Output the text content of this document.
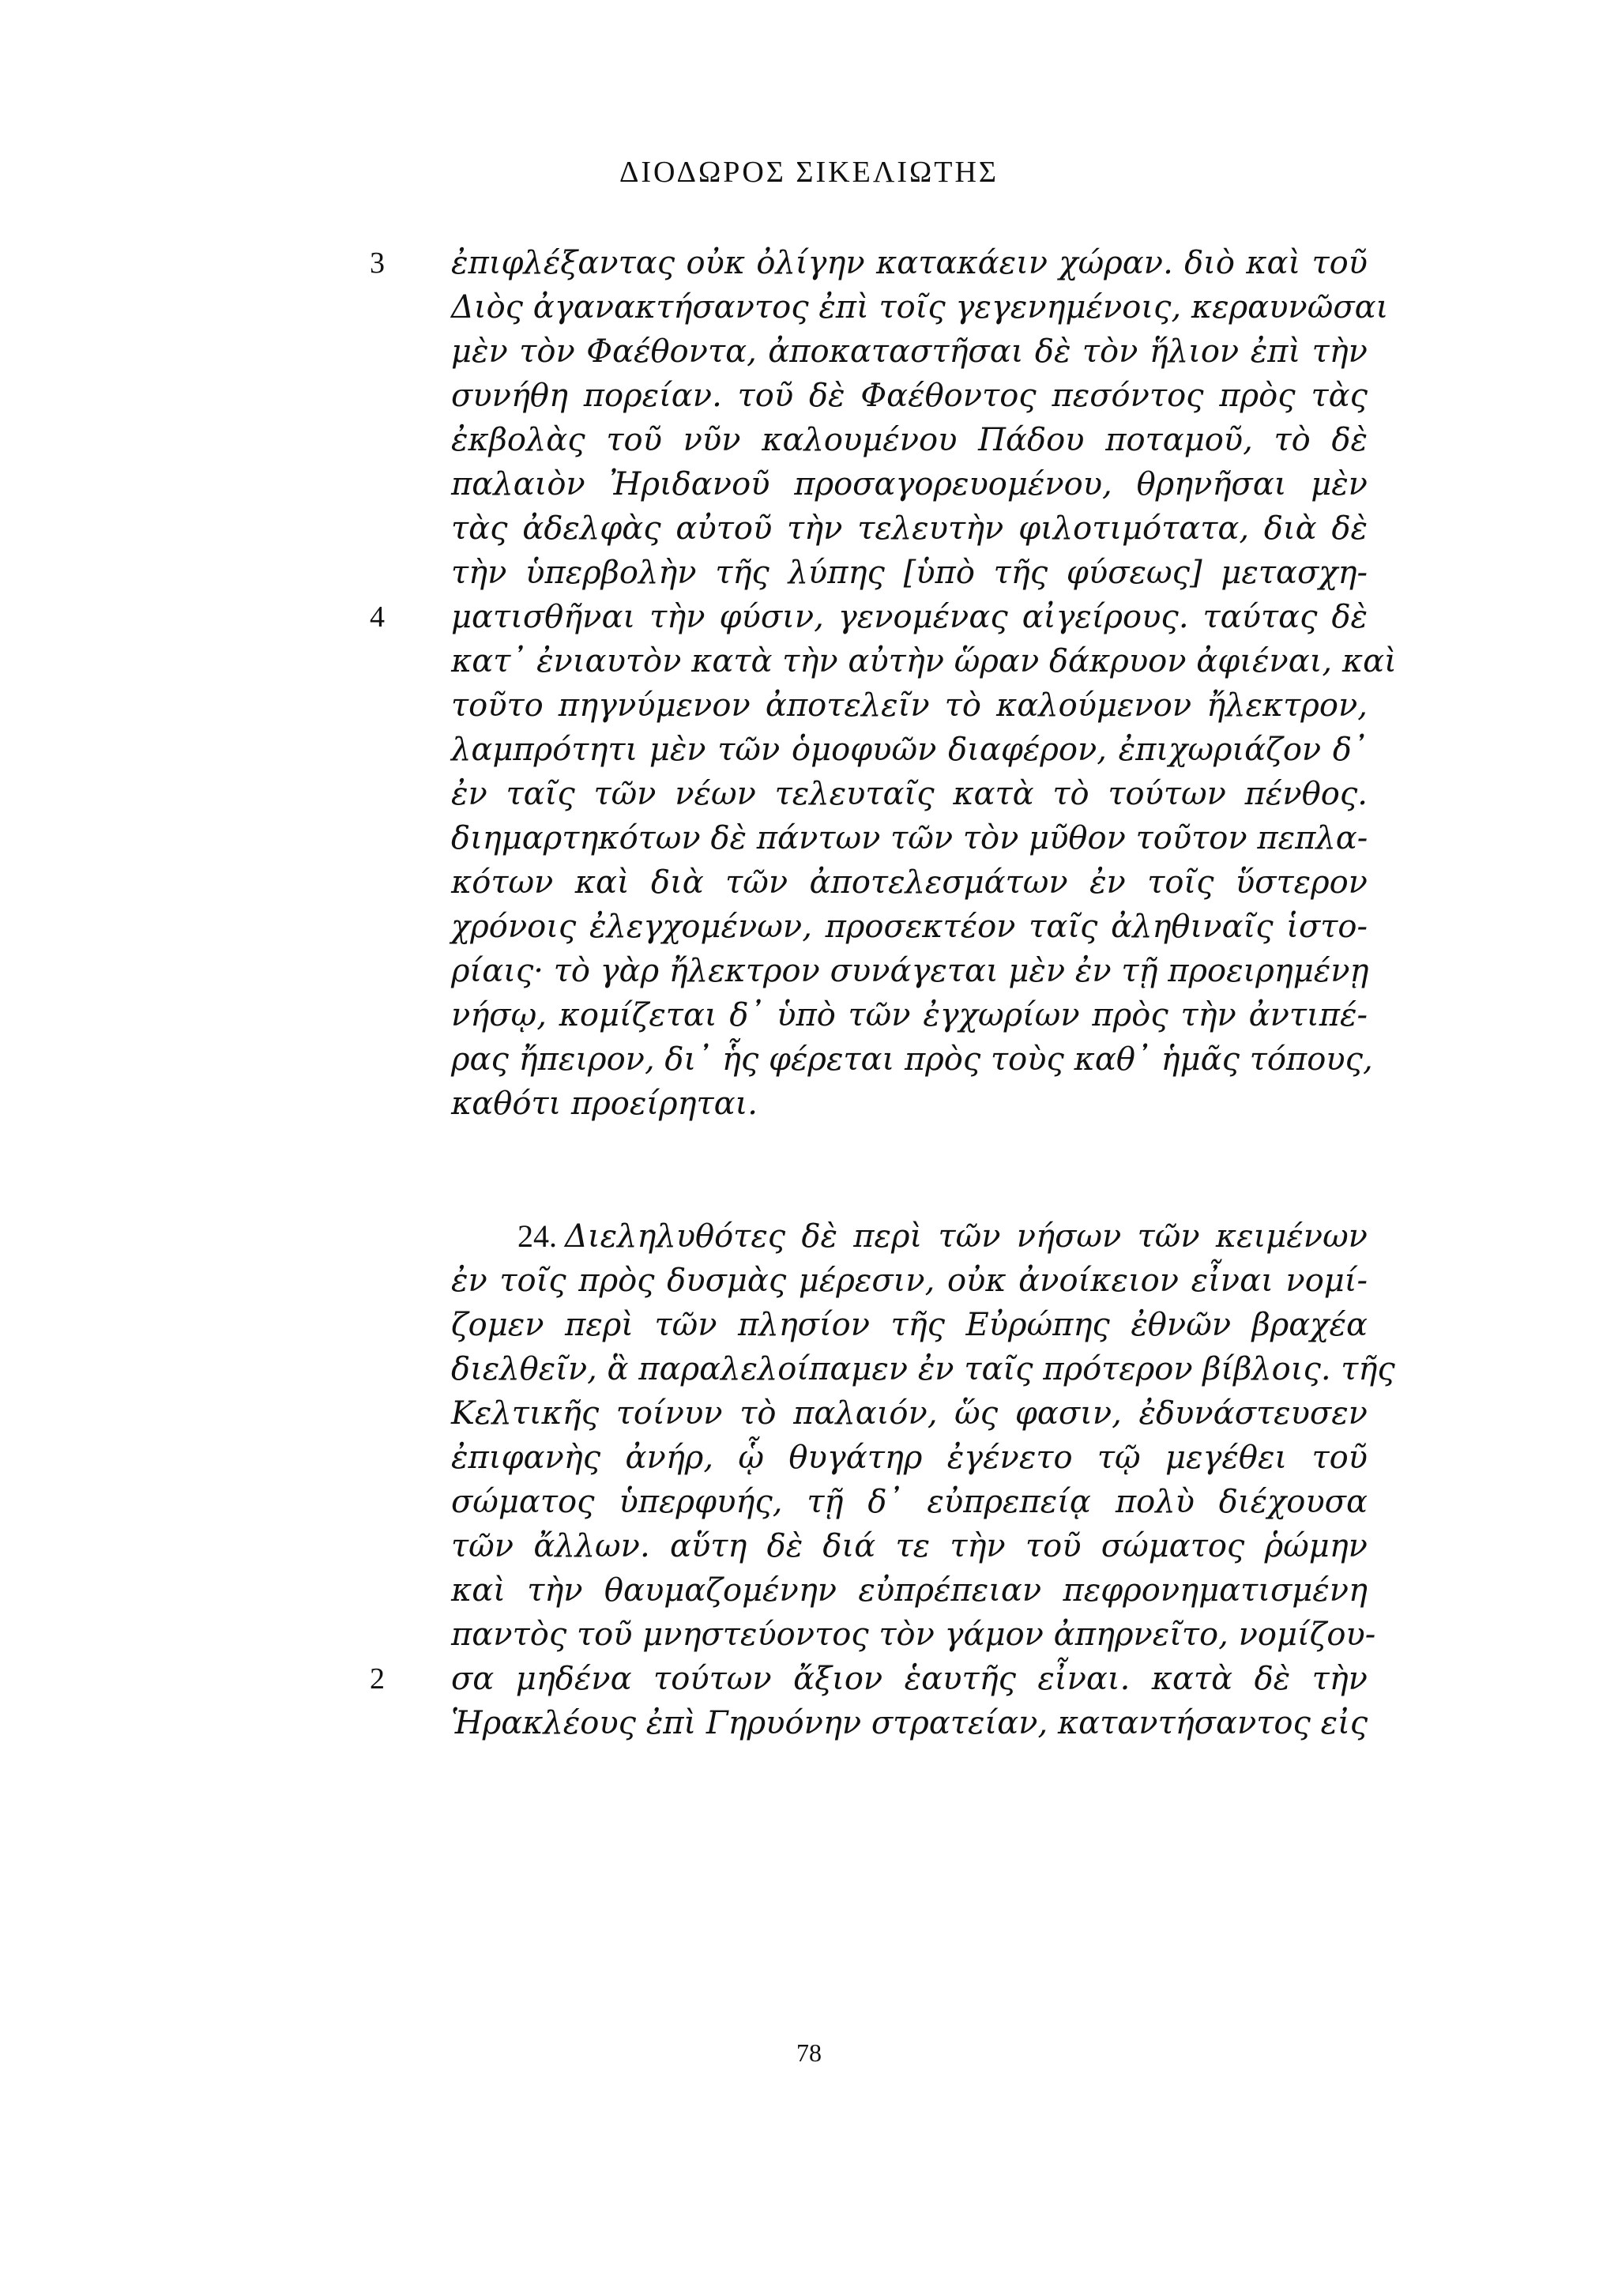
ΔΙΟΔΩΡΟΣ ΣΙΚΕΛΙΩΤΗΣ
3	ἐπιφλέξαντας οὐκ ὀλίγην κατακάειν χώραν. διὸ καὶ τοῦ
Διὸς ἀγανακτήσαντος ἐπὶ τοῖς γεγενημένοις, κεραυνῶσαι
μὲν τὸν Φαέθοντα, ἀποκαταστῆσαι δὲ τὸν ἥλιον ἐπὶ τὴν
συνήθη πορείαν. τοῦ δὲ Φαέθοντος πεσόντος πρὸς τὰς
ἐκβολὰς τοῦ νῦν καλουμένου Πάδου ποταμοῦ, τὸ δὲ
παλαιὸν Ἠριδανοῦ προσαγορευομένου, θρηνῆσαι μὲν
τὰς ἀδελφὰς αὐτοῦ τὴν τελευτὴν φιλοτιμότατα, διὰ δὲ
τὴν ὑπερβολὴν τῆς λύπης [ὑπὸ τῆς φύσεως] μετασχη-
4	ματισθῆναι τὴν φύσιν, γενομένας αἰγείρους. ταύτας δὲ
κατ᾽ ἐνιαυτὸν κατὰ τὴν αὐτὴν ὥραν δάκρυον ἀφιέναι, καὶ
τοῦτο πηγνύμενον ἀποτελεῖν τὸ καλούμενον ἤλεκτρον,
λαμπρότητι μὲν τῶν ὁμοφυῶν διαφέρον, ἐπιχωριάζον δ᾽
ἐν ταῖς τῶν νέων τελευταῖς κατὰ τὸ τούτων πένθος.
διημαρτηκότων δὲ πάντων τῶν τὸν μῦθον τοῦτον πεπλα-
κότων καὶ διὰ τῶν ἀποτελεσμάτων ἐν τοῖς ὕστερον
χρόνοις ἐλεγχομένων, προσεκτέον ταῖς ἀληθιναῖς ἱστο-
ρίαις· τὸ γὰρ ἤλεκτρον συνάγεται μὲν ἐν τῇ προειρημένῃ
νήσῳ, κομίζεται δ᾽ ὑπὸ τῶν ἐγχωρίων πρὸς τὴν ἀντιπέ-
ρας ἤπειρον, δι᾽ ἧς φέρεται πρὸς τοὺς καθ᾽ ἡμᾶς τόπους,
καθότι προείρηται.
24. Διεληλυθότες δὲ περὶ τῶν νήσων τῶν κειμένων
ἐν τοῖς πρὸς δυσμὰς μέρεσιν, οὐκ ἀνοίκειον εἶναι νομί-
ζομεν περὶ τῶν πλησίον τῆς Εὐρώπης ἐθνῶν βραχέα
διελθεῖν, ἃ παραλελοίπαμεν ἐν ταῖς πρότερον βίβλοις. τῆς
Κελτικῆς τοίνυν τὸ παλαιόν, ὥς φασιν, ἐδυνάστευσεν
ἐπιφανὴς ἀνήρ, ᾧ θυγάτηρ ἐγένετο τῷ μεγέθει τοῦ
σώματος ὑπερφυής, τῇ δ᾽ εὐπρεπείᾳ πολὺ διέχουσα
τῶν ἄλλων. αὕτη δὲ διά τε τὴν τοῦ σώματος ῥώμην
καὶ τὴν θαυμαζομένην εὐπρέπειαν πεφρονηματισμένη
παντὸς τοῦ μνηστεύοντος τὸν γάμον ἀπηρνεῖτο, νομίζου-
2	σα μηδένα τούτων ἄξιον ἑαυτῆς εἶναι. κατὰ δὲ τὴν
Ἡρακλέους ἐπὶ Γηρυόνην στρατείαν, καταντήσαντος εἰς
78
